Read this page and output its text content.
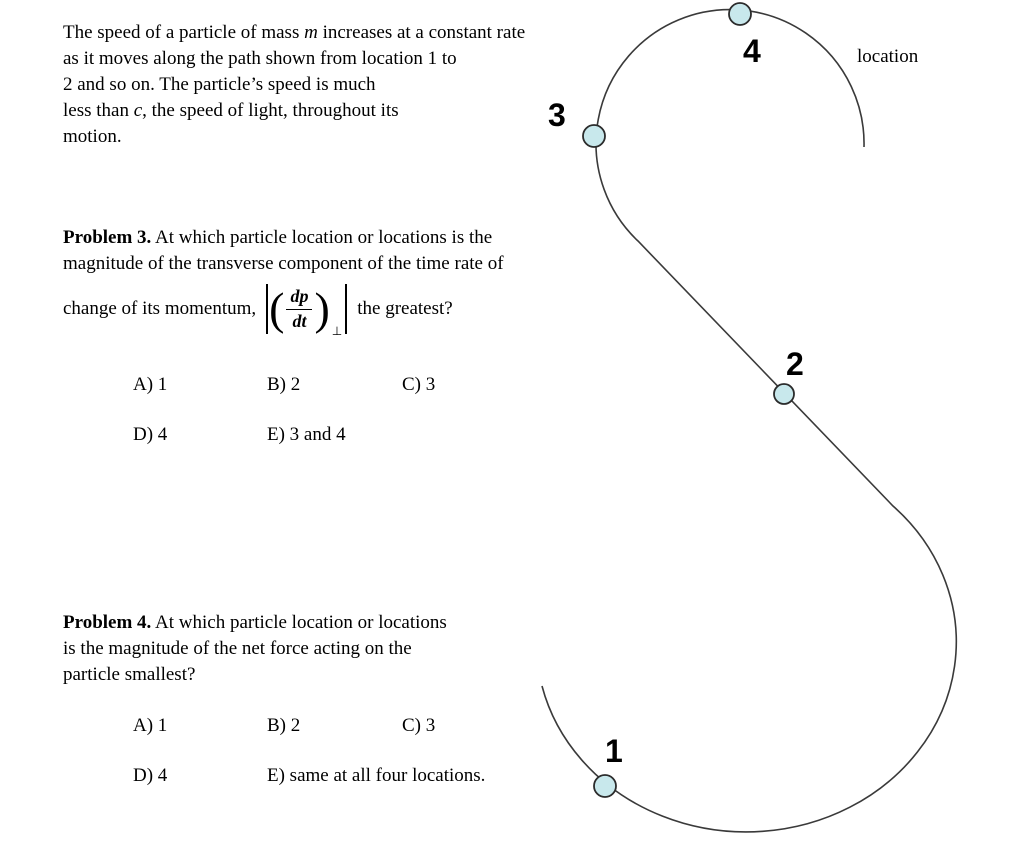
The speed of a particle of mass m increases at a constant rate
as it moves along the path shown from location 1 to
2 and so on. The particle’s speed is much
less than c, the speed of light, throughout its
motion.
Problem 3. At which particle location or locations is the
magnitude of the transverse component of the time rate of
change of its momentum, ( $\frac{dp}{dt}$ ) ⊥
the greatest?
A) 1	B) 2	C) 3
D) 4	E) 3 and 4
Problem 4. At which particle location or locations
is the magnitude of the net force acting on the
particle smallest?
A) 1	B) 2	C) 3
D) 4	E) same at all four locations.
4
3
2
1
location
